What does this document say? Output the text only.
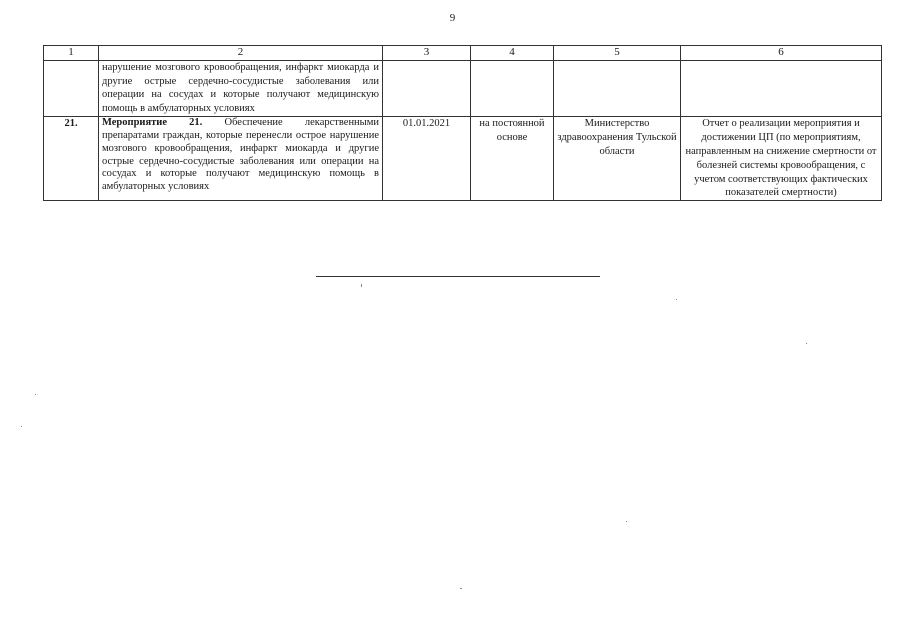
9
1	2	3	4	5	6
	нарушение мозгового кровообращения, инфаркт миокарда и другие острые сердечно-сосудистые заболевания или операции на сосудах и которые получают медицинскую помощь в амбулаторных условиях				
21.	Мероприятие 21. Обеспечение лекарственными препаратами граждан, которые перенесли острое нарушение мозгового кровообращения, инфаркт миокарда и другие острые сердечно-сосудистые заболевания или операции на сосудах и которые получают медицинскую помощь в амбулаторных условиях	01.01.2021	на постоянной основе	Министерство здравоохранения Тульской области	Отчет о реализации мероприятия и достижении ЦП (по мероприятиям, направленным на снижение смертности от болезней системы кровообращения, с учетом соответствующих фактических показателей смертности)
